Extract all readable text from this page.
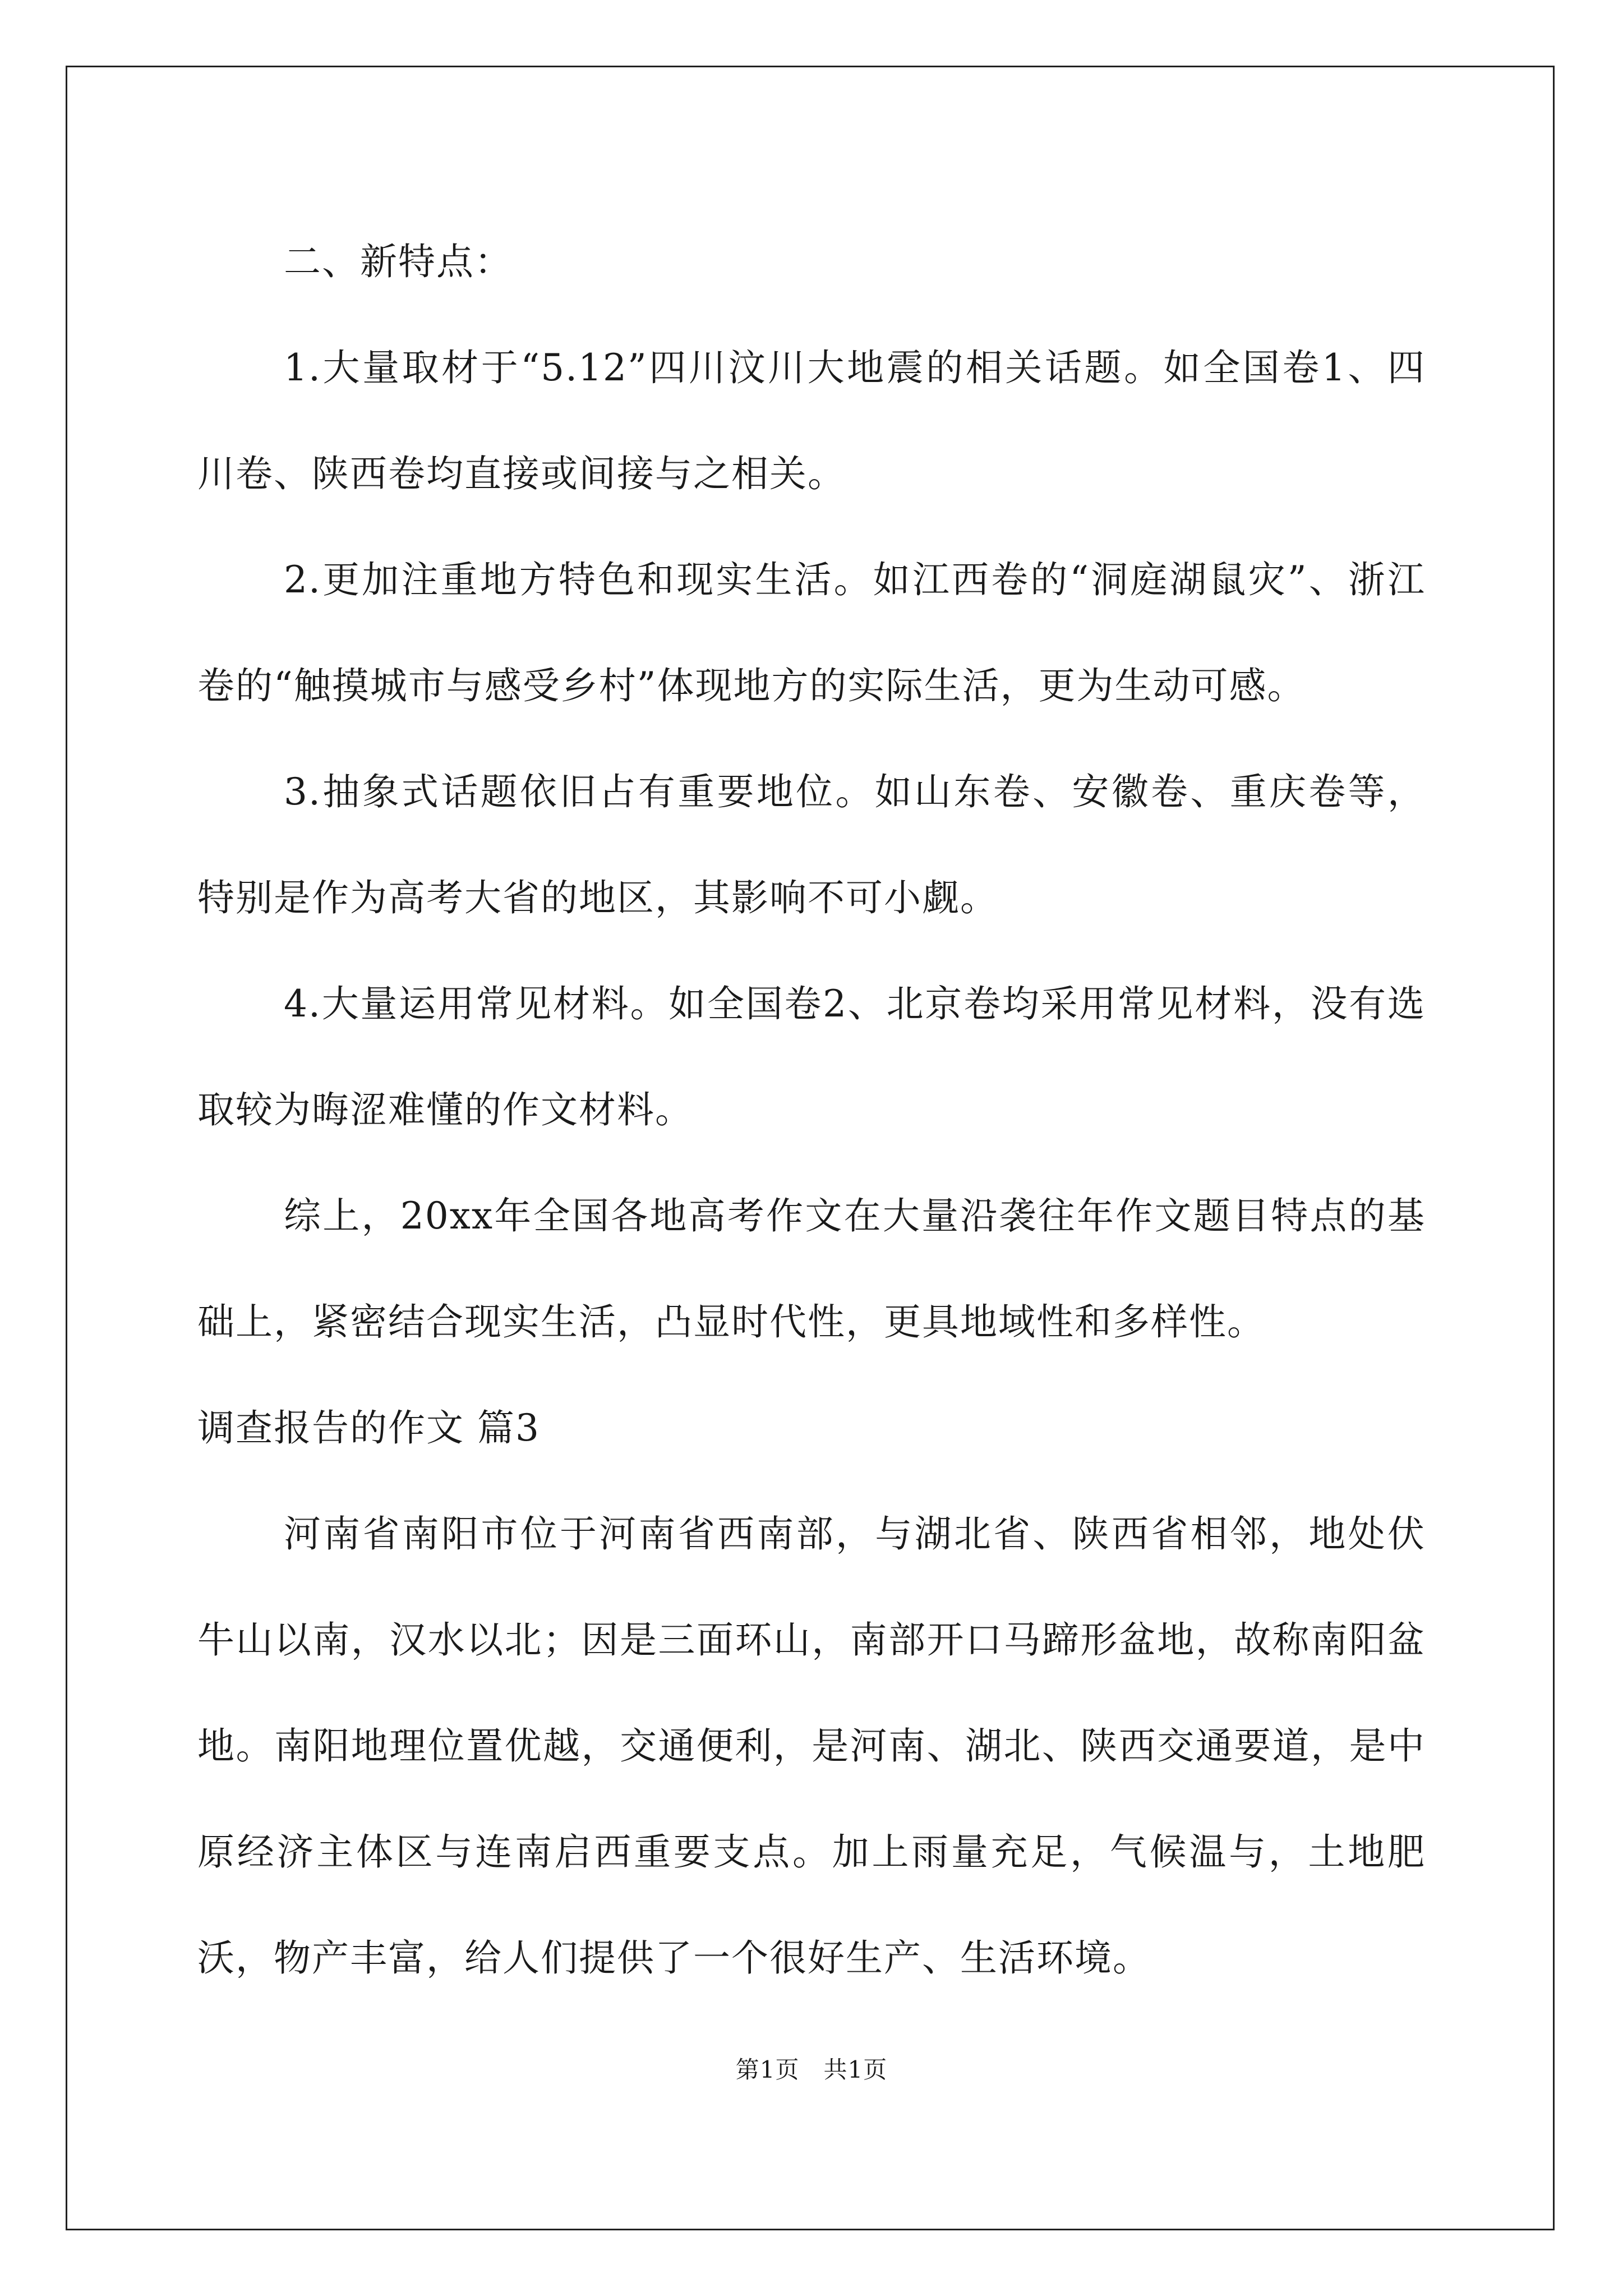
二、新特点：

1.大量取材于“5.12”四川汶川大地震的相关话题。如全国卷1、四川卷、陕西卷均直接或间接与之相关。

2.更加注重地方特色和现实生活。如江西卷的“洞庭湖鼠灾”、浙江卷的“触摸城市与感受乡村”体现地方的实际生活，更为生动可感。

3.抽象式话题依旧占有重要地位。如山东卷、安徽卷、重庆卷等，特别是作为高考大省的地区，其影响不可小觑。

4.大量运用常见材料。如全国卷2、北京卷均采用常见材料，没有选取较为晦涩难懂的作文材料。

综上，20xx年全国各地高考作文在大量沿袭往年作文题目特点的基础上，紧密结合现实生活，凸显时代性，更具地域性和多样性。

调查报告的作文 篇3

河南省南阳市位于河南省西南部，与湖北省、陕西省相邻，地处伏牛山以南，汉水以北；因是三面环山，南部开口马蹄形盆地，故称南阳盆地。南阳地理位置优越，交通便利，是河南、湖北、陕西交通要道，是中原经济主体区与连南启西重要支点。加上雨量充足，气候温与，土地肥沃，物产丰富，给人们提供了一个很好生产、生活环境。

第1页　共1页
